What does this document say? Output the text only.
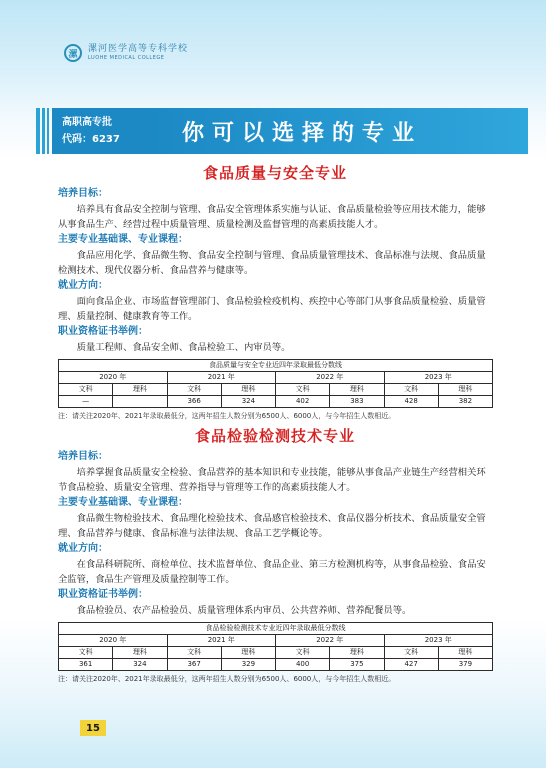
漯
漯河医学高等专科学校
LUOHE MEDICAL COLLEGE
高职高专批
代码：6237	你可以选择的专业
食品质量与安全专业
培养目标：

培养具有食品安全控制与管理、食品安全管理体系实施与认证、食品质量检验等应用技术能力，能够从事食品生产、经营过程中质量管理、质量检测及监督管理的高素质技能人才。

主要专业基础课、专业课程：

食品应用化学、食品微生物、食品安全控制与管理、食品质量管理技术、食品标准与法规、食品质量检测技术、现代仪器分析、食品营养与健康等。

就业方向：

面向食品企业、市场监督管理部门、食品检验检疫机构、疾控中心等部门从事食品质量检验、质量管理、质量控制、健康教育等工作。

职业资格证书举例：

质量工程师、食品安全师、食品检验工、内审员等。

食品质量与安全专业近四年录取最低分数线							
2020 年		2021 年		2022 年		2023 年	
文科	理科	文科	理科	文科	理科	文科	理科
—		366	324	402	383	428	382
注：请关注2020年、2021年录取最低分，这两年招生人数分别为6500人、6000人，与今年招生人数相近。
食品检验检测技术专业
培养目标：

培养掌握食品质量安全检验、食品营养的基本知识和专业技能，能够从事食品产业链生产经营相关环节食品检验、质量安全管理、营养指导与管理等工作的高素质技能人才。

主要专业基础课、专业课程：

食品微生物检验技术、食品理化检验技术、食品感官检验技术、食品仪器分析技术、食品质量安全管理、食品营养与健康、食品标准与法律法规、食品工艺学概论等。

就业方向：

在食品科研院所、商检单位、技术监督单位、食品企业、第三方检测机构等，从事食品检验、食品安全监管，食品生产管理及质量控制等工作。

职业资格证书举例：

食品检验员、农产品检验员、质量管理体系内审员、公共营养师、营养配餐员等。

食品检验检测技术专业近四年录取最低分数线							
2020 年		2021 年		2022 年		2023 年	
文科	理科	文科	理科	文科	理科	文科	理科
361	324	367	329	400	375	427	379
注：请关注2020年、2021年录取最低分，这两年招生人数分别为6500人、6000人，与今年招生人数相近。
15
